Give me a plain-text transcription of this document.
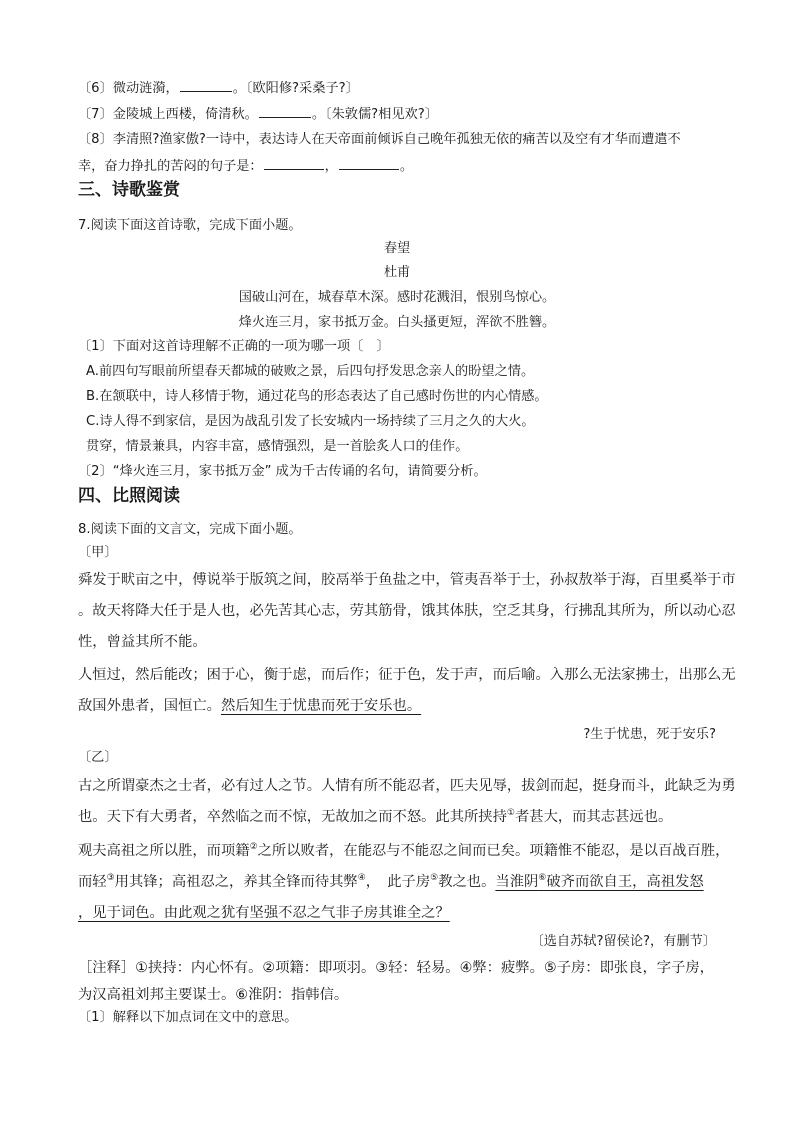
〔6〕微动涟漪，	。〔欧阳修?采桑子?〕
〔7〕金陵城上西楼，倚清秋。	。〔朱敦儒?相见欢?〕
〔8〕李清照?渔家傲?一诗中，表达诗人在天帝面前倾诉自己晚年孤独无依的痛苦以及空有才华而遭遣不
幸，奋力挣扎的苦闷的句子是：	，	。
三、诗歌鉴赏
7.阅读下面这首诗歌，完成下面小题。
春望
杜甫
国破山河在，城春草木深。感时花溅泪，恨别鸟惊心。
烽火连三月，家书抵万金。白头搔更短，浑欲不胜簪。
〔1〕下面对这首诗理解不正确的一项为哪一项〔　〕
A.前四句写眼前所望春天都城的破败之景，后四句抒发思念亲人的盼望之情。
B.在颔联中，诗人移情于物，通过花鸟的形态表达了自己感时伤世的内心情感。
C.诗人得不到家信，是因为战乱引发了长安城内一场持续了三月之久的大火。
贯穿，情景兼具，内容丰富，感情强烈，是一首脍炙人口的佳作。
〔2〕“烽火连三月，家书抵万金” 成为千古传诵的名句，请简要分析。
四、比照阅读
8.阅读下面的文言文，完成下面小题。
〔甲〕
舜发于畎亩之中，傅说举于版筑之间，胶鬲举于鱼盐之中，管夷吾举于士，孙叔敖举于海，百里奚举于市
。故天将降大任于是人也，必先苦其心志，劳其筋骨，饿其体肤，空乏其身，行拂乱其所为，所以动心忍
性，曾益其所不能。
人恒过，然后能改；困于心，衡于虑，而后作；征于色，发于声，而后喻。入那么无法家拂士，出那么无
敌国外患者，国恒亡。然后知生于忧患而死于安乐也。
?生于忧患，死于安乐?
〔乙〕
古之所谓豪杰之士者，必有过人之节。人情有所不能忍者，匹夫见辱，拔剑而起，挺身而斗，此缺乏为勇
也。天下有大勇者，卒然临之而不惊，无故加之而不怒。此其所挟持①者甚大，而其志甚远也。
观夫高祖之所以胜，而项籍②之所以败者，在能忍与不能忍之间而已矣。项籍惟不能忍，是以百战百胜，
而轻③用其锋；高祖忍之，养其全锋而待其弊④，　此子房⑤教之也。当淮阴⑥破齐而欲自王，高祖发怒
，见于词色。由此观之犹有坚强不忍之气非子房其谁全之？
〔选自苏轼?留侯论?，有删节〕
［注释］①挟持：内心怀有。②项籍：即项羽。③轻：轻易。④弊：疲弊。⑤子房：即张良，字子房，
为汉高祖刘邦主要谋士。⑥淮阴：指韩信。
〔1〕解释以下加点词在文中的意思。
